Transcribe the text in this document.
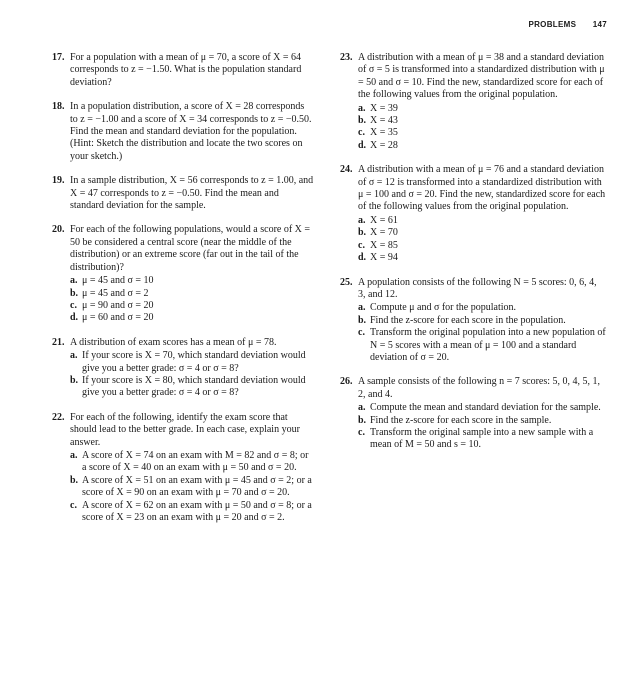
PROBLEMS 147
17. For a population with a mean of μ = 70, a score of X = 64 corresponds to z = −1.50. What is the population standard deviation?
18. In a population distribution, a score of X = 28 corresponds to z = −1.00 and a score of X = 34 corresponds to z = −0.50. Find the mean and standard deviation for the population. (Hint: Sketch the distribution and locate the two scores on your sketch.)
19. In a sample distribution, X = 56 corresponds to z = 1.00, and X = 47 corresponds to z = −0.50. Find the mean and standard deviation for the sample.
20. For each of the following populations, would a score of X = 50 be considered a central score (near the middle of the distribution) or an extreme score (far out in the tail of the distribution)?
a. μ = 45 and σ = 10
b. μ = 45 and σ = 2
c. μ = 90 and σ = 20
d. μ = 60 and σ = 20
21. A distribution of exam scores has a mean of μ = 78.
a. If your score is X = 70, which standard deviation would give you a better grade: σ = 4 or σ = 8?
b. If your score is X = 80, which standard deviation would give you a better grade: σ = 4 or σ = 8?
22. For each of the following, identify the exam score that should lead to the better grade. In each case, explain your answer.
a. A score of X = 74 on an exam with M = 82 and σ = 8; or a score of X = 40 on an exam with μ = 50 and σ = 20.
b. A score of X = 51 on an exam with μ = 45 and σ = 2; or a score of X = 90 on an exam with μ = 70 and σ = 20.
c. A score of X = 62 on an exam with μ = 50 and σ = 8; or a score of X = 23 on an exam with μ = 20 and σ = 2.
23. A distribution with a mean of μ = 38 and a standard deviation of σ = 5 is transformed into a standardized distribution with μ = 50 and σ = 10. Find the new, standardized score for each of the following values from the original population.
a. X = 39
b. X = 43
c. X = 35
d. X = 28
24. A distribution with a mean of μ = 76 and a standard deviation of σ = 12 is transformed into a standardized distribution with μ = 100 and σ = 20. Find the new, standardized score for each of the following values from the original population.
a. X = 61
b. X = 70
c. X = 85
d. X = 94
25. A population consists of the following N = 5 scores: 0, 6, 4, 3, and 12.
a. Compute μ and σ for the population.
b. Find the z-score for each score in the population.
c. Transform the original population into a new population of N = 5 scores with a mean of μ = 100 and a standard deviation of σ = 20.
26. A sample consists of the following n = 7 scores: 5, 0, 4, 5, 1, 2, and 4.
a. Compute the mean and standard deviation for the sample.
b. Find the z-score for each score in the sample.
c. Transform the original sample into a new sample with a mean of M = 50 and s = 10.
